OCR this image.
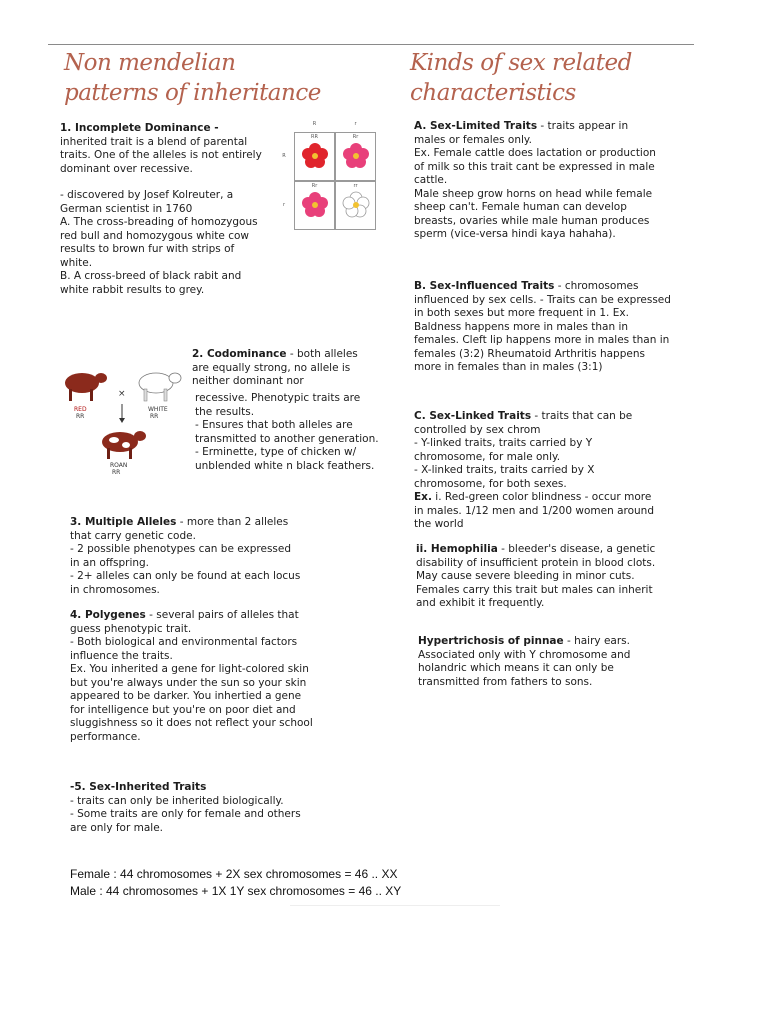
Non mendelian
patterns of inheritance
Kinds of sex related
characteristics
1. Incomplete Dominance - inherited trait is a blend of parental traits. One of the alleles is not entirely dominant over recessive.
- discovered by Josef Kolreuter, a German scientist in 1760
A. The cross-breading of homozygous red bull and homozygous white cow results to brown fur with strips of white.
B. A cross-breed of black rabit and white rabbit results to grey.
R	r
R
RR	Rr
r
Rr	rr
RED
RR
×
WHITE
RR
ROAN
RR
2. Codominance - both alleles are equally strong, no allele is neither dominant nor
recessive. Phenotypic traits are the results.
- Ensures that both alleles are transmitted to another generation.
- Erminette, type of chicken w/ unblended white n black feathers.
3. Multiple Alleles - more than 2 alleles that carry genetic code.
- 2 possible phenotypes can be expressed in an offspring.
- 2+ alleles can only be found at each locus in chromosomes.
4. Polygenes - several pairs of alleles that guess phenotypic trait.
- Both biological and environmental factors influence the traits.
Ex. You inherited a gene for light-colored skin but you're always under the sun so your skin appeared to be darker. You inhertied a gene for intelligence but you're on poor diet and sluggishness so it does not reflect your school performance.
-5. Sex-Inherited Traits
- traits can only be inherited biologically.
- Some traits are only for female and others are only for male.
Female : 44 chromosomes + 2X sex chromosomes = 46 .. XX
Male : 44 chromosomes + 1X 1Y sex chromosomes = 46 .. XY
A. Sex-Limited Traits - traits appear in males or females only.
Ex. Female cattle does lactation or production of milk so this trait cant be expressed in male cattle.
Male sheep grow horns on head while female sheep can't. Female human can develop breasts, ovaries while male human produces sperm (vice-versa hindi kaya hahaha).
B. Sex-Influenced Traits - chromosomes influenced by sex cells. - Traits can be expressed in both sexes but more frequent in 1. Ex. Baldness happens more in males than in females. Cleft lip happens more in males than in females (3:2) Rheumatoid Arthritis happens more in females than in males (3:1)
C. Sex-Linked Traits - traits that can be controlled by sex chrom
- Y-linked traits, traits carried by Y chromosome, for male only.
- X-linked traits, traits carried by X chromosome, for both sexes.
Ex. i. Red-green color blindness - occur more in males. 1/12 men and 1/200 women around the world
ii. Hemophilia - bleeder's disease, a genetic disability of insufficient protein in blood clots. May cause severe bleeding in minor cuts. Females carry this trait but males can inherit and exhibit it frequently.
Hypertrichosis of pinnae - hairy ears. Associated only with Y chromosome and holandric which means it can only be transmitted from fathers to sons.
